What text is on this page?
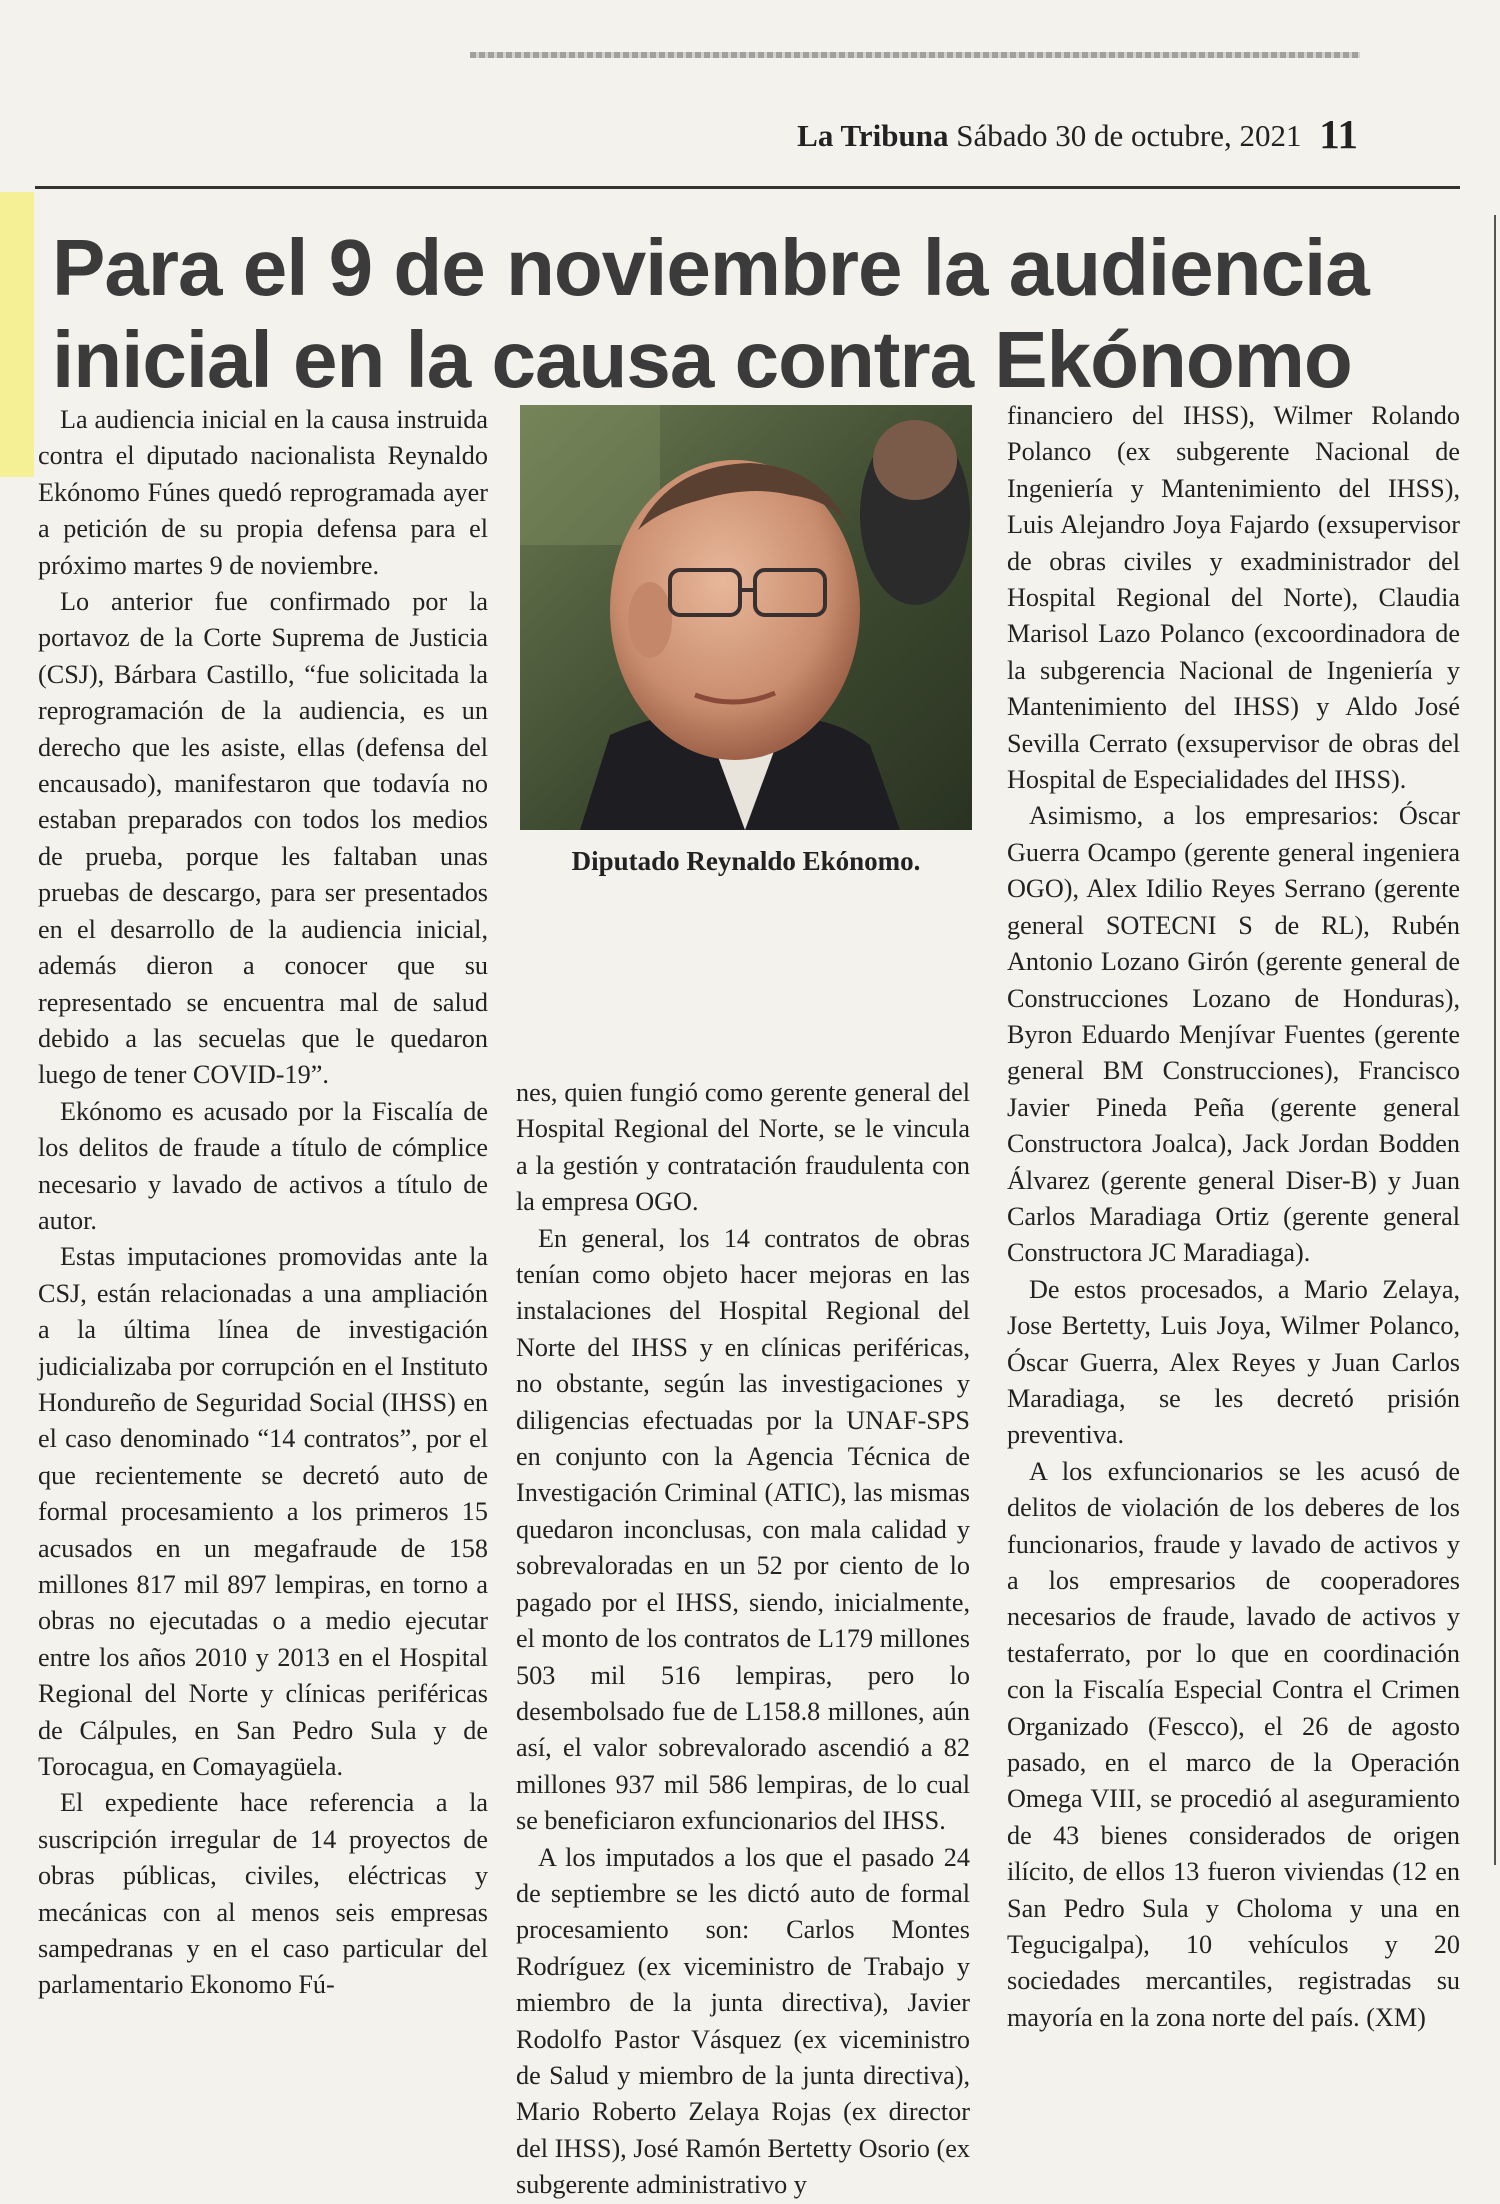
La Tribuna Sábado 30 de octubre, 2021 11
Para el 9 de noviembre la audiencia inicial en la causa contra Ekónomo

La audiencia inicial en la causa instruida contra el diputado nacionalista Reynaldo Ekónomo Fúnes quedó reprogramada ayer a petición de su propia defensa para el próximo martes 9 de noviembre.

Lo anterior fue confirmado por la portavoz de la Corte Suprema de Justicia (CSJ), Bárbara Castillo, “fue solicitada la reprogramación de la audiencia, es un derecho que les asiste, ellas (defensa del encausado), manifestaron que todavía no estaban preparados con todos los medios de prueba, porque les faltaban unas pruebas de descargo, para ser presentados en el desarrollo de la audiencia inicial, además dieron a conocer que su representado se encuentra mal de salud debido a las secuelas que le quedaron luego de tener COVID-19”.

Ekónomo es acusado por la Fiscalía de los delitos de fraude a título de cómplice necesario y lavado de activos a título de autor.

Estas imputaciones promovidas ante la CSJ, están relacionadas a una ampliación a la última línea de investigación judicializaba por corrupción en el Instituto Hondureño de Seguridad Social (IHSS) en el caso denominado “14 contratos”, por el que recientemente se decretó auto de formal procesamiento a los primeros 15 acusados en un megafraude de 158 millones 817 mil 897 lempiras, en torno a obras no ejecutadas o a medio ejecutar entre los años 2010 y 2013 en el Hospital Regional del Norte y clínicas periféricas de Cálpules, en San Pedro Sula y de Torocagua, en Comayagüela.

El expediente hace referencia a la suscripción irregular de 14 proyectos de obras públicas, civiles, eléctricas y mecánicas con al menos seis empresas sampedranas y en el caso particular del parlamentario Ekonomo Fú-

Diputado Reynaldo Ekónomo.

nes, quien fungió como gerente general del Hospital Regional del Norte, se le vincula a la gestión y contratación fraudulenta con la empresa OGO.

En general, los 14 contratos de obras tenían como objeto hacer mejoras en las instalaciones del Hospital Regional del Norte del IHSS y en clínicas periféricas, no obstante, según las investigaciones y diligencias efectuadas por la UNAF-SPS en conjunto con la Agencia Técnica de Investigación Criminal (ATIC), las mismas quedaron inconclusas, con mala calidad y sobrevaloradas en un 52 por ciento de lo pagado por el IHSS, siendo, inicialmente, el monto de los contratos de L179 millones 503 mil 516 lempiras, pero lo desembolsado fue de L158.8 millones, aún así, el valor sobrevalorado ascendió a 82 millones 937 mil 586 lempiras, de lo cual se beneficiaron exfuncionarios del IHSS.

A los imputados a los que el pasado 24 de septiembre se les dictó auto de formal procesamiento son: Carlos Montes Rodríguez (ex viceministro de Trabajo y miembro de la junta directiva), Javier Rodolfo Pastor Vásquez (ex viceministro de Salud y miembro de la junta directiva), Mario Roberto Zelaya Rojas (ex director del IHSS), José Ramón Bertetty Osorio (ex subgerente administrativo y

financiero del IHSS), Wilmer Rolando Polanco (ex subgerente Nacional de Ingeniería y Mantenimiento del IHSS), Luis Alejandro Joya Fajardo (exsupervisor de obras civiles y exadministrador del Hospital Regional del Norte), Claudia Marisol Lazo Polanco (excoordinadora de la subgerencia Nacional de Ingeniería y Mantenimiento del IHSS) y Aldo José Sevilla Cerrato (exsupervisor de obras del Hospital de Especialidades del IHSS).

Asimismo, a los empresarios: Óscar Guerra Ocampo (gerente general ingeniera OGO), Alex Idilio Reyes Serrano (gerente general SOTECNI S de RL), Rubén Antonio Lozano Girón (gerente general de Construcciones Lozano de Honduras), Byron Eduardo Menjívar Fuentes (gerente general BM Construcciones), Francisco Javier Pineda Peña (gerente general Constructora Joalca), Jack Jordan Bodden Álvarez (gerente general Diser-B) y Juan Carlos Maradiaga Ortiz (gerente general Constructora JC Maradiaga).

De estos procesados, a Mario Zelaya, Jose Bertetty, Luis Joya, Wilmer Polanco, Óscar Guerra, Alex Reyes y Juan Carlos Maradiaga, se les decretó prisión preventiva.

A los exfuncionarios se les acusó de delitos de violación de los deberes de los funcionarios, fraude y lavado de activos y a los empresarios de cooperadores necesarios de fraude, lavado de activos y testaferrato, por lo que en coordinación con la Fiscalía Especial Contra el Crimen Organizado (Fescco), el 26 de agosto pasado, en el marco de la Operación Omega VIII, se procedió al aseguramiento de 43 bienes considerados de origen ilícito, de ellos 13 fueron viviendas (12 en San Pedro Sula y Choloma y una en Tegucigalpa), 10 vehículos y 20 sociedades mercantiles, registradas su mayoría en la zona norte del país. (XM)
